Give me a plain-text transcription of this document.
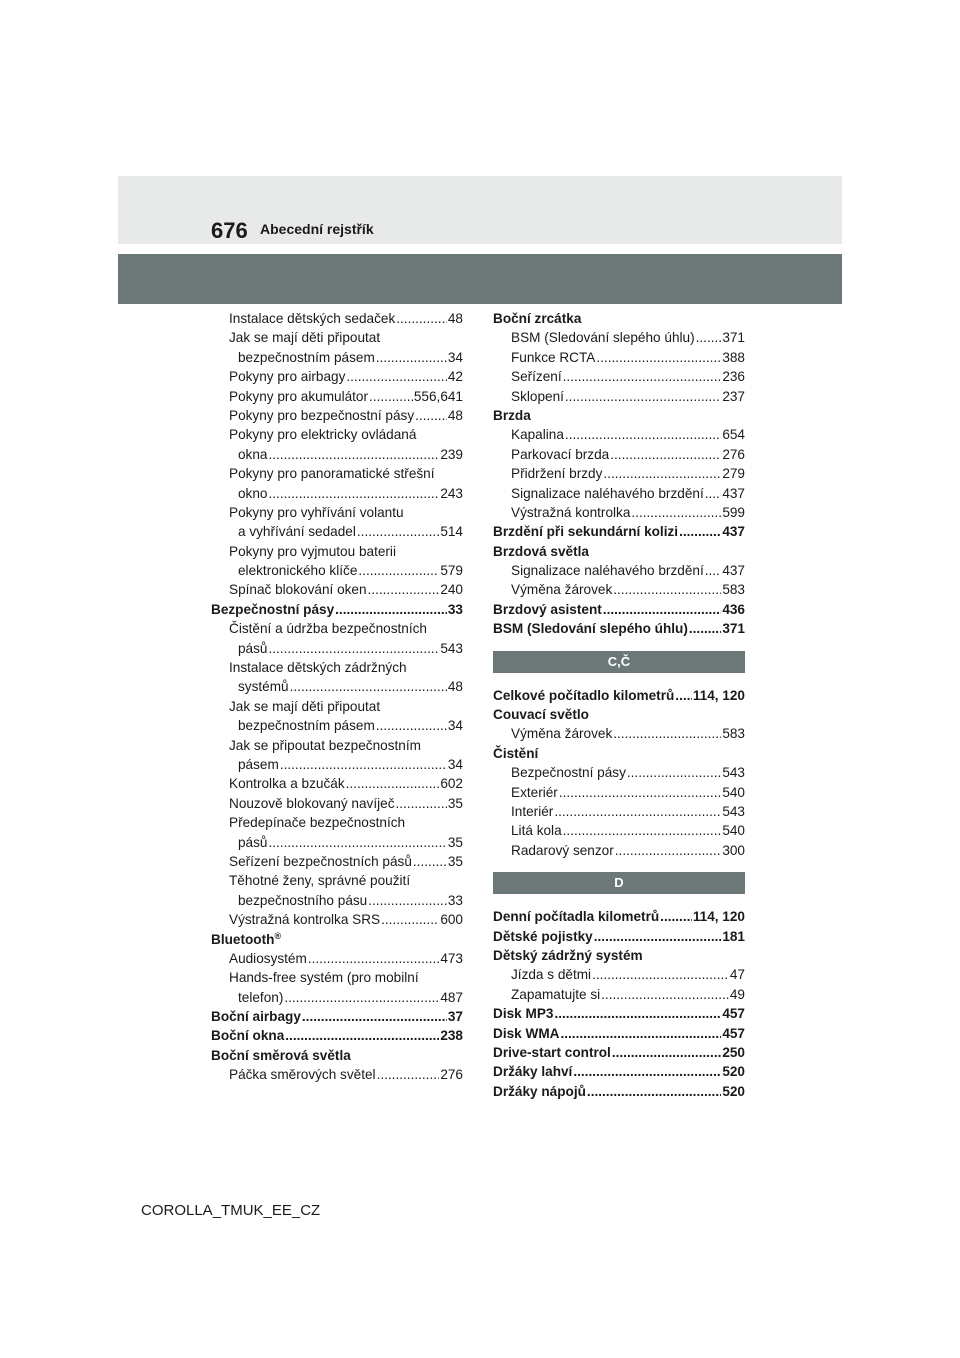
676 Abecední rejstřík
Instalace dětských sedaček .....	48
Jak se mají děti připoutat
bezpečnostním pásem .....	34
Pokyny pro airbagy .....	42
Pokyny pro akumulátor .....	556,641
Pokyny pro bezpečnostní pásy ..... 48
Pokyny pro elektricky ovládaná
okna .....	239
Pokyny pro panoramatické střešní
okno .....	243
Pokyny pro vyhřívání volantu
a vyhřívání sedadel .....	514
Pokyny pro vyjmutou baterii
elektronického klíče .....	579
Spínač blokování oken .....	240
Bezpečnostní pásy .....	33
Čistění a údržba bezpečnostních
pásů .....	543
Instalace dětských zádržných
systémů .....	48
Jak se mají děti připoutat
bezpečnostním pásem .....	34
Jak se připoutat bezpečnostním
pásem .....	34
Kontrolka a bzučák .....	602
Nouzově blokovaný navíječ .....	35
Předepínače bezpečnostních
pásů .....	35
Seřízení bezpečnostních pásů .....	35
Těhotné ženy, správné použití
bezpečnostního pásu .....	33
Výstražná kontrolka SRS .....	600
Bluetooth®
Audiosystém .....	473
Hands-free systém (pro mobilní
telefon) .....	487
Boční airbagy .....	37
Boční okna .....	238
Boční směrová světla
Páčka směrových světel .....	276
Boční zrcátka
BSM (Sledování slepého úhlu) ..... 371
Funkce RCTA .....	388
Seřízení .....	236
Sklopení .....	237
Brzda
Kapalina .....	654
Parkovací brzda .....	276
Přidržení brzdy .....	279
Signalizace naléhavého brzdění ..... 437
Výstražná kontrolka .....	599
Brzdění při sekundární kolizi .....	437
Brzdová světla
Signalizace naléhavého brzdění ..... 437
Výměna žárovek .....	583
Brzdový asistent .....	436
BSM (Sledování slepého úhlu) .....	371
C,Č
Celkové počítadlo kilometrů ..... 114, 120
Couvací světlo
Výměna žárovek .....	583
Čistění
Bezpečnostní pásy .....	543
Exteriér .....	540
Interiér .....	543
Litá kola .....	540
Radarový senzor .....	300
D
Denní počítadla kilometrů ..... 114, 120
Dětské pojistky .....	181
Dětský zádržný systém
Jízda s dětmi .....	47
Zapamatujte si .....	49
Disk MP3 .....	457
Disk WMA .....	457
Drive-start control .....	250
Držáky lahví .....	520
Držáky nápojů .....	520
COROLLA_TMUK_EE_CZ
